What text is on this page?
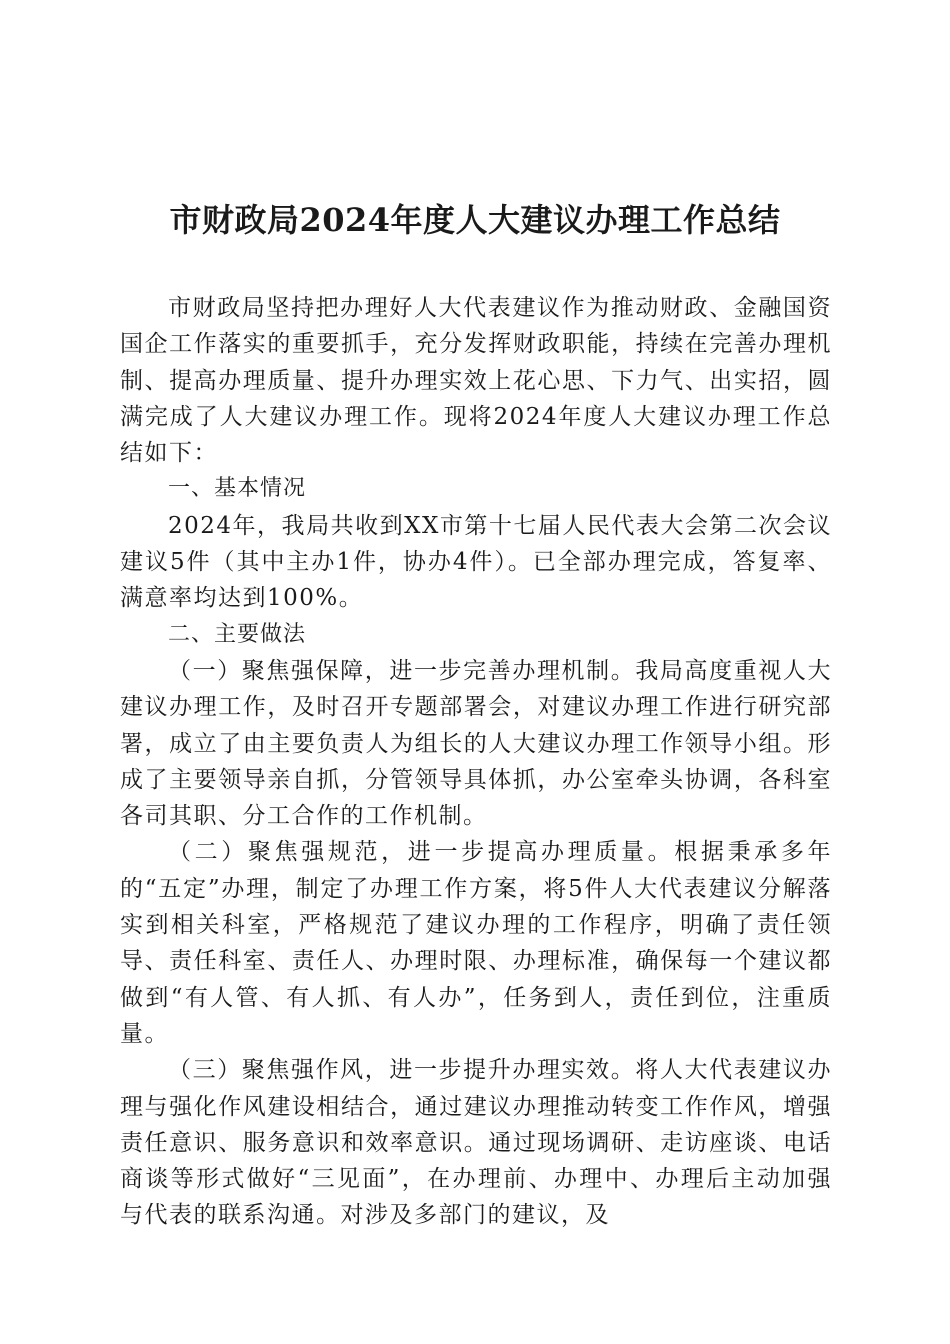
市财政局2024年度人大建议办理工作总结

市财政局坚持把办理好人大代表建议作为推动财政、金融国资国企工作落实的重要抓手，充分发挥财政职能，持续在完善办理机制、提高办理质量、提升办理实效上花心思、下力气、出实招，圆满完成了人大建议办理工作。现将2024年度人大建议办理工作总结如下：

一、基本情况

2024年，我局共收到XX市第十七届人民代表大会第二次会议建议5件（其中主办1件，协办4件）。已全部办理完成，答复率、满意率均达到100%。

二、主要做法

（一）聚焦强保障，进一步完善办理机制。我局高度重视人大建议办理工作，及时召开专题部署会，对建议办理工作进行研究部署，成立了由主要负责人为组长的人大建议办理工作领导小组。形成了主要领导亲自抓，分管领导具体抓，办公室牵头协调，各科室各司其职、分工合作的工作机制。

（二）聚焦强规范，进一步提高办理质量。根据秉承多年的“五定”办理，制定了办理工作方案，将5件人大代表建议分解落实到相关科室，严格规范了建议办理的工作程序，明确了责任领导、责任科室、责任人、办理时限、办理标准，确保每一个建议都做到“有人管、有人抓、有人办”，任务到人，责任到位，注重质量。

（三）聚焦强作风，进一步提升办理实效。将人大代表建议办理与强化作风建设相结合，通过建议办理推动转变工作作风，增强责任意识、服务意识和效率意识。通过现场调研、走访座谈、电话商谈等形式做好“三见面”，在办理前、办理中、办理后主动加强与代表的联系沟通。对涉及多部门的建议，及
